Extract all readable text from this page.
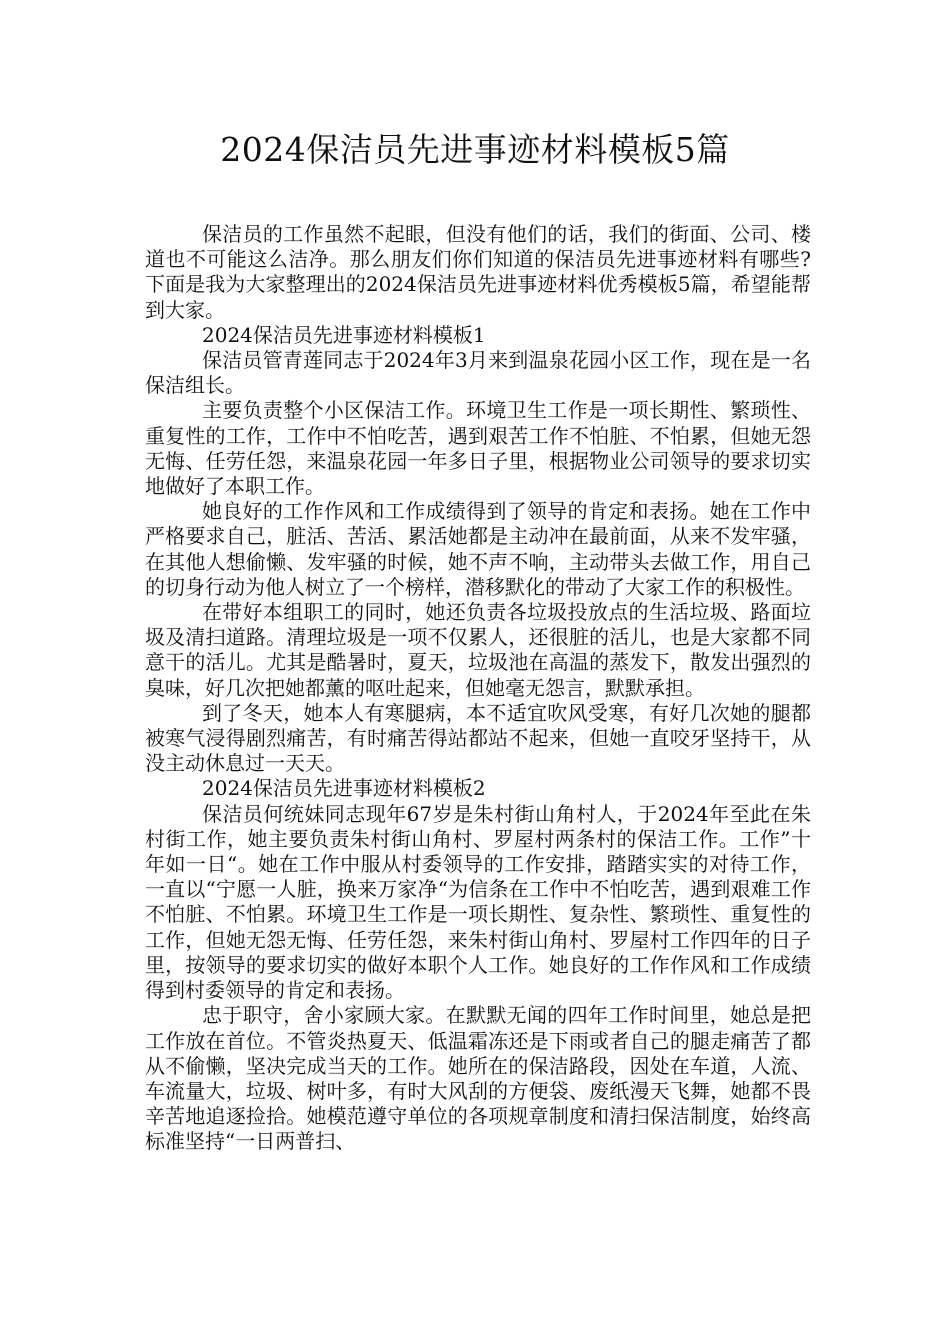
2024保洁员先进事迹材料模板5篇

保洁员的工作虽然不起眼，但没有他们的话，我们的街面、公司、楼道也不可能这么洁净。那么朋友们你们知道的保洁员先进事迹材料有哪些?下面是我为大家整理出的2024保洁员先进事迹材料优秀模板5篇，希望能帮到大家。

2024保洁员先进事迹材料模板1

保洁员管青莲同志于2024年3月来到温泉花园小区工作，现在是一名保洁组长。

主要负责整个小区保洁工作。环境卫生工作是一项长期性、繁琐性、重复性的工作，工作中不怕吃苦，遇到艰苦工作不怕脏、不怕累，但她无怨无悔、任劳任怨，来温泉花园一年多日子里，根据物业公司领导的要求切实地做好了本职工作。

她良好的工作作风和工作成绩得到了领导的肯定和表扬。她在工作中严格要求自己，脏活、苦活、累活她都是主动冲在最前面，从来不发牢骚，在其他人想偷懒、发牢骚的时候，她不声不响，主动带头去做工作，用自己的切身行动为他人树立了一个榜样，潜移默化的带动了大家工作的积极性。

在带好本组职工的同时，她还负责各垃圾投放点的生活垃圾、路面垃圾及清扫道路。清理垃圾是一项不仅累人，还很脏的活儿，也是大家都不同意干的活儿。尤其是酷暑时，夏天，垃圾池在高温的蒸发下，散发出强烈的臭味，好几次把她都薰的呕吐起来，但她毫无怨言，默默承担。

到了冬天，她本人有寒腿病，本不适宜吹风受寒，有好几次她的腿都被寒气浸得剧烈痛苦，有时痛苦得站都站不起来，但她一直咬牙坚持干，从没主动休息过一天天。

2024保洁员先进事迹材料模板2

保洁员何统妹同志现年67岁是朱村街山角村人，于2024年至此在朱村街工作，她主要负责朱村街山角村、罗屋村两条村的保洁工作。工作”十年如一日“。她在工作中服从村委领导的工作安排，踏踏实实的对待工作，一直以“宁愿一人脏，换来万家净“为信条在工作中不怕吃苦，遇到艰难工作不怕脏、不怕累。环境卫生工作是一项长期性、复杂性、繁琐性、重复性的工作，但她无怨无悔、任劳任怨，来朱村街山角村、罗屋村工作四年的日子里，按领导的要求切实的做好本职个人工作。她良好的工作作风和工作成绩得到村委领导的肯定和表扬。

忠于职守，舍小家顾大家。在默默无闻的四年工作时间里，她总是把工作放在首位。不管炎热夏天、低温霜冻还是下雨或者自己的腿走痛苦了都从不偷懒，坚决完成当天的工作。她所在的保洁路段，因处在车道，人流、车流量大，垃圾、树叶多，有时大风刮的方便袋、废纸漫天飞舞，她都不畏辛苦地追逐捡拾。她模范遵守单位的各项规章制度和清扫保洁制度，始终高标准坚持“一日两普扫、
